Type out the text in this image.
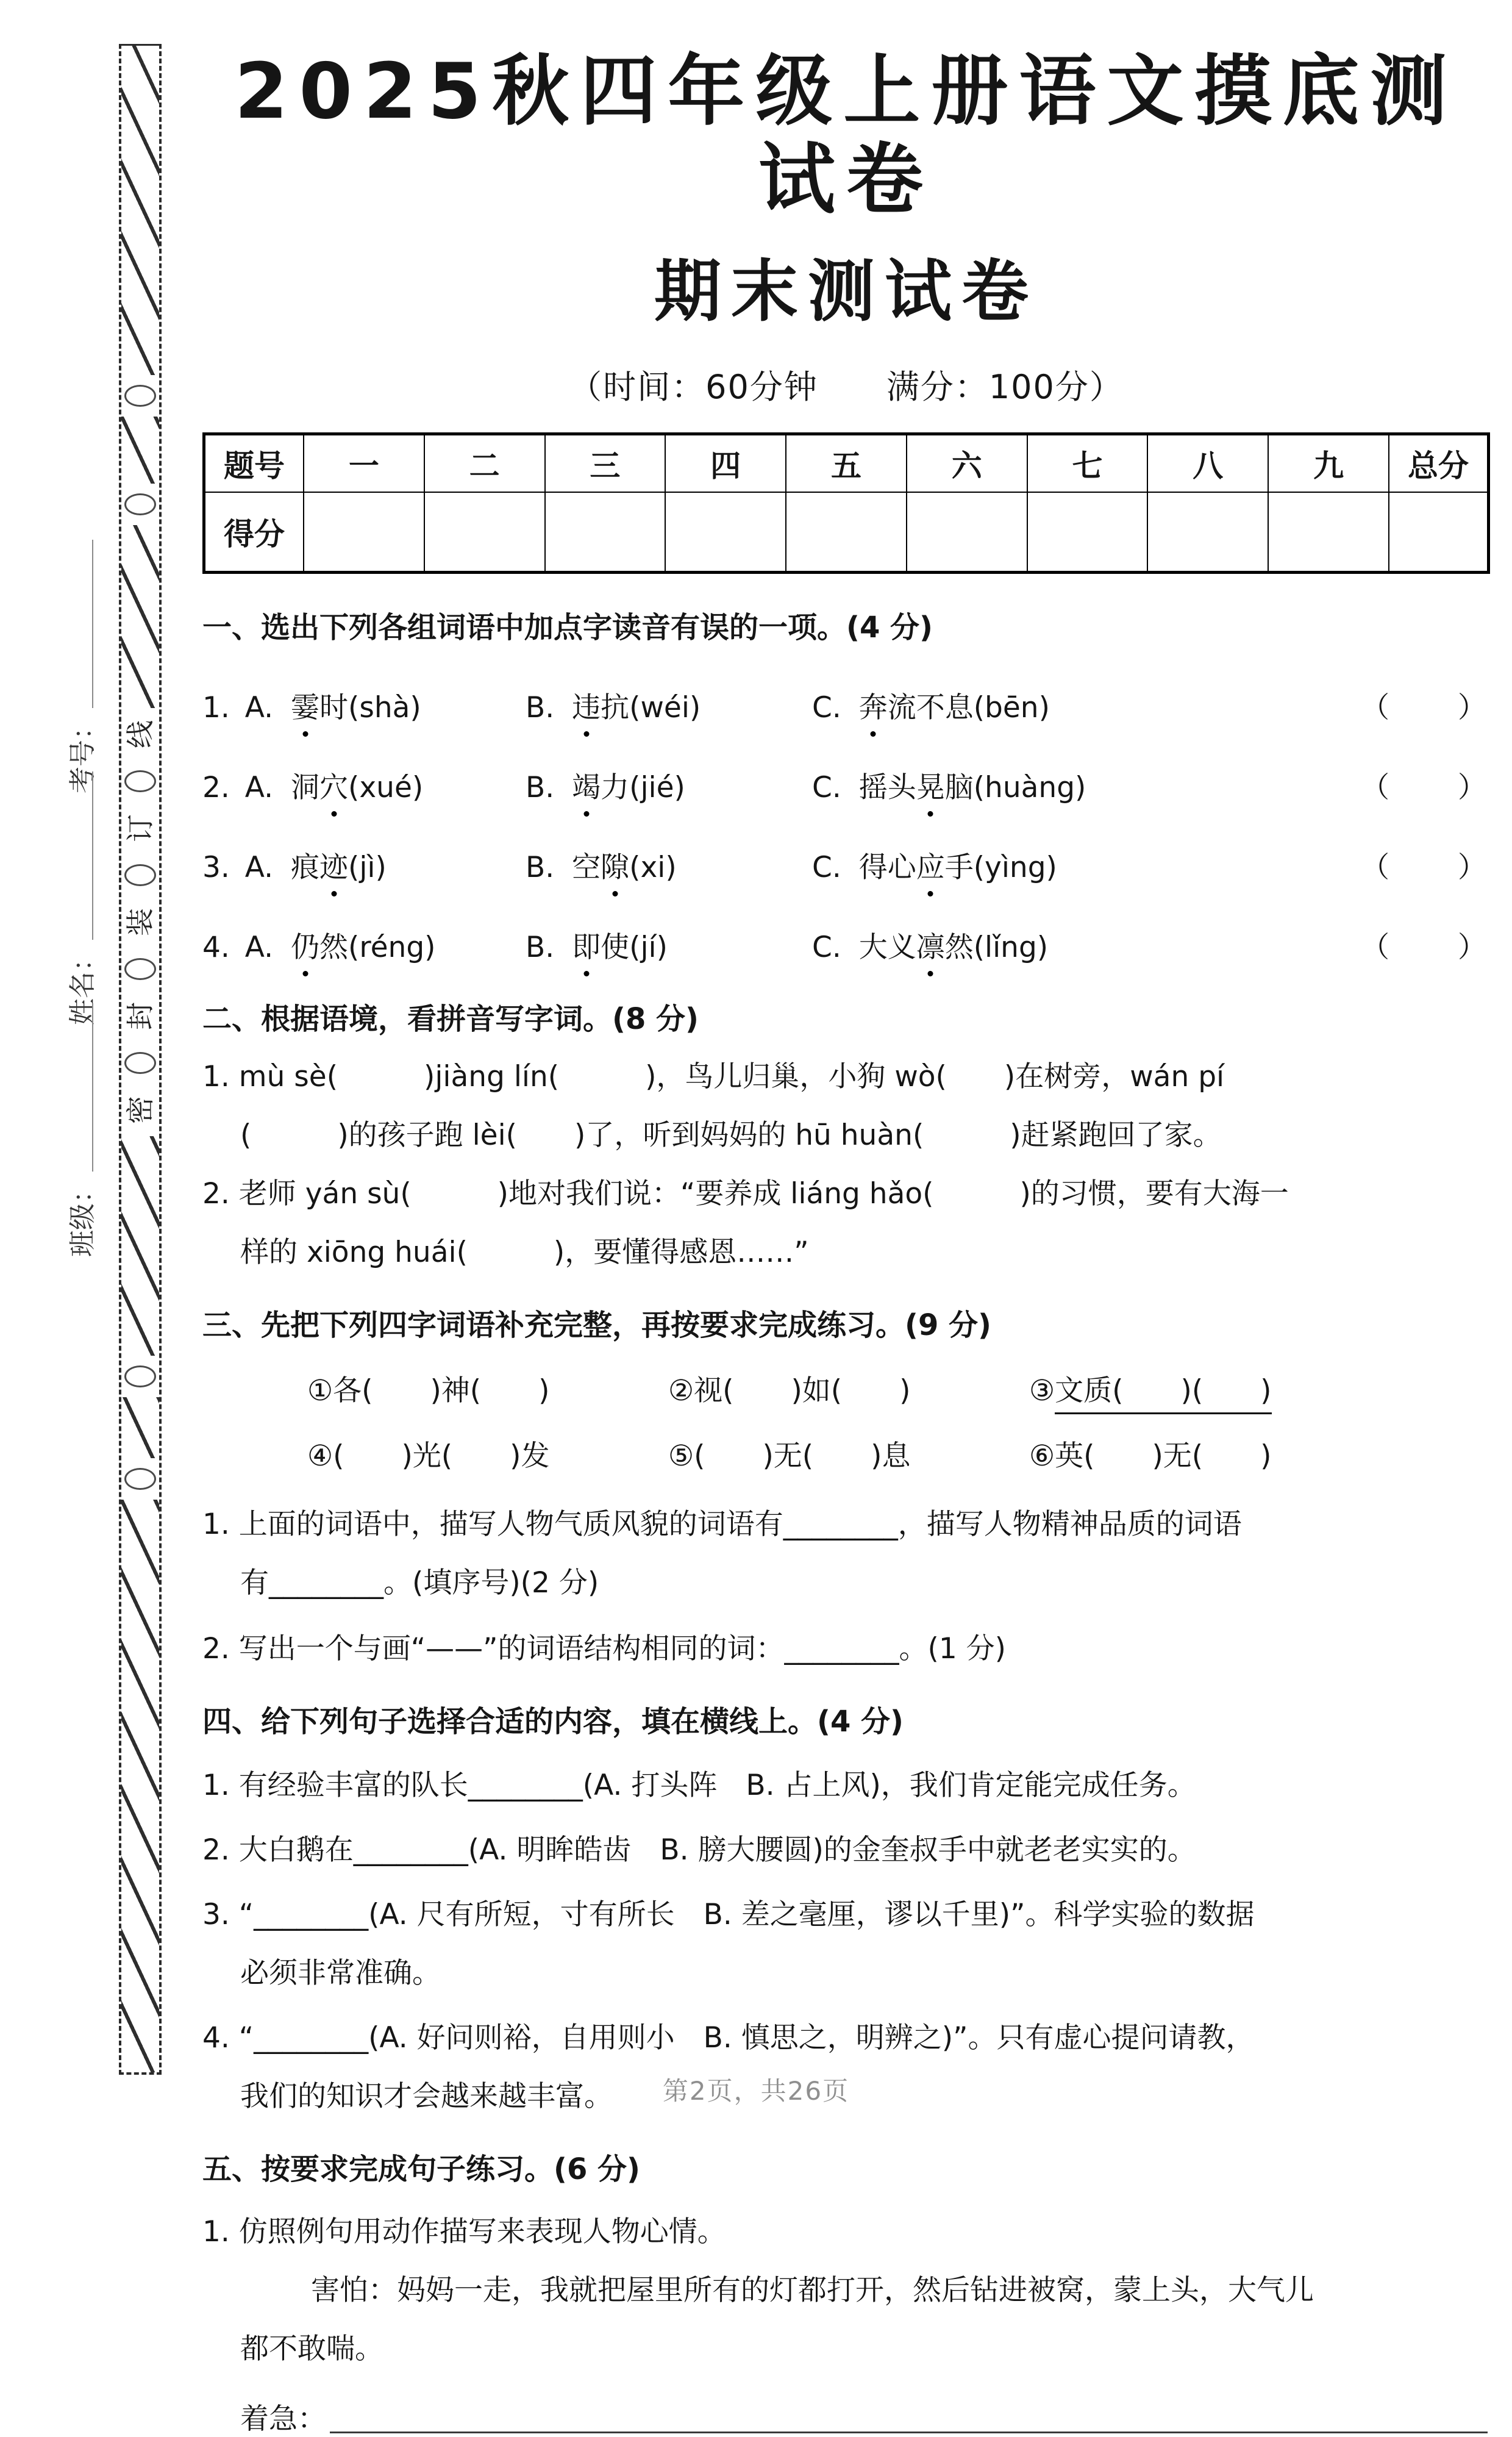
考号：
姓名：
班级：
线
订
装
封
密
2025秋四年级上册语文摸底测试卷
期末测试卷
（时间：60分钟　　满分：100分）
题号	一	二	三	四	五	六	七	八	九	总分
得分										
一、选出下列各组词语中加点字读音有误的一项。(4 分)
1. A. 霎时(shà)	B. 违抗(wéi)	C. 奔流不息(bēn)	（　　）
2. A. 洞穴(xué)	B. 竭力(jié)	C. 摇头晃脑(huàng)	（　　）
3. A. 痕迹(jì)	B. 空隙(xi)	C. 得心应手(yìng)	（　　）
4. A. 仍然(réng)	B. 即使(jí)	C. 大义凛然(lǐng)	（　　）
二、根据语境，看拼音写字词。(8 分)
1. mù sè(　　　)jiàng lín(　　　)，鸟儿归巢，小狗 wò(　　)在树旁，wán pí
(　　　)的孩子跑 lèi(　　)了，听到妈妈的 hū huàn(　　　)赶紧跑回了家。
2. 老师 yán sù(　　　)地对我们说：“要养成 liáng hǎo(　　　)的习惯，要有大海一
样的 xiōng huái(　　　)，要懂得感恩……”
三、先把下列四字词语补充完整，再按要求完成练习。(9 分)
①各(　　)神(　　)	②视(　　)如(　　)	③文质(　　)(　　)
④(　　)光(　　)发	⑤(　　)无(　　)息	⑥英(　　)无(　　)
1. 上面的词语中，描写人物气质风貌的词语有________，描写人物精神品质的词语
有________。(填序号)(2 分)
2. 写出一个与画“——”的词语结构相同的词：________。(1 分)
四、给下列句子选择合适的内容，填在横线上。(4 分)
1. 有经验丰富的队长________(A. 打头阵　B. 占上风)，我们肯定能完成任务。
2. 大白鹅在________(A. 明眸皓齿　B. 膀大腰圆)的金奎叔手中就老老实实的。
3. “________(A. 尺有所短，寸有所长　B. 差之毫厘，谬以千里)”。科学实验的数据
必须非常准确。
4. “________(A. 好问则裕，自用则小　B. 慎思之，明辨之)”。只有虚心提问请教，
我们的知识才会越来越丰富。
五、按要求完成句子练习。(6 分)
1. 仿照例句用动作描写来表现人物心情。
害怕：妈妈一走，我就把屋里所有的灯都打开，然后钻进被窝，蒙上头，大气儿
都不敢喘。
着急：
第2页，共26页
